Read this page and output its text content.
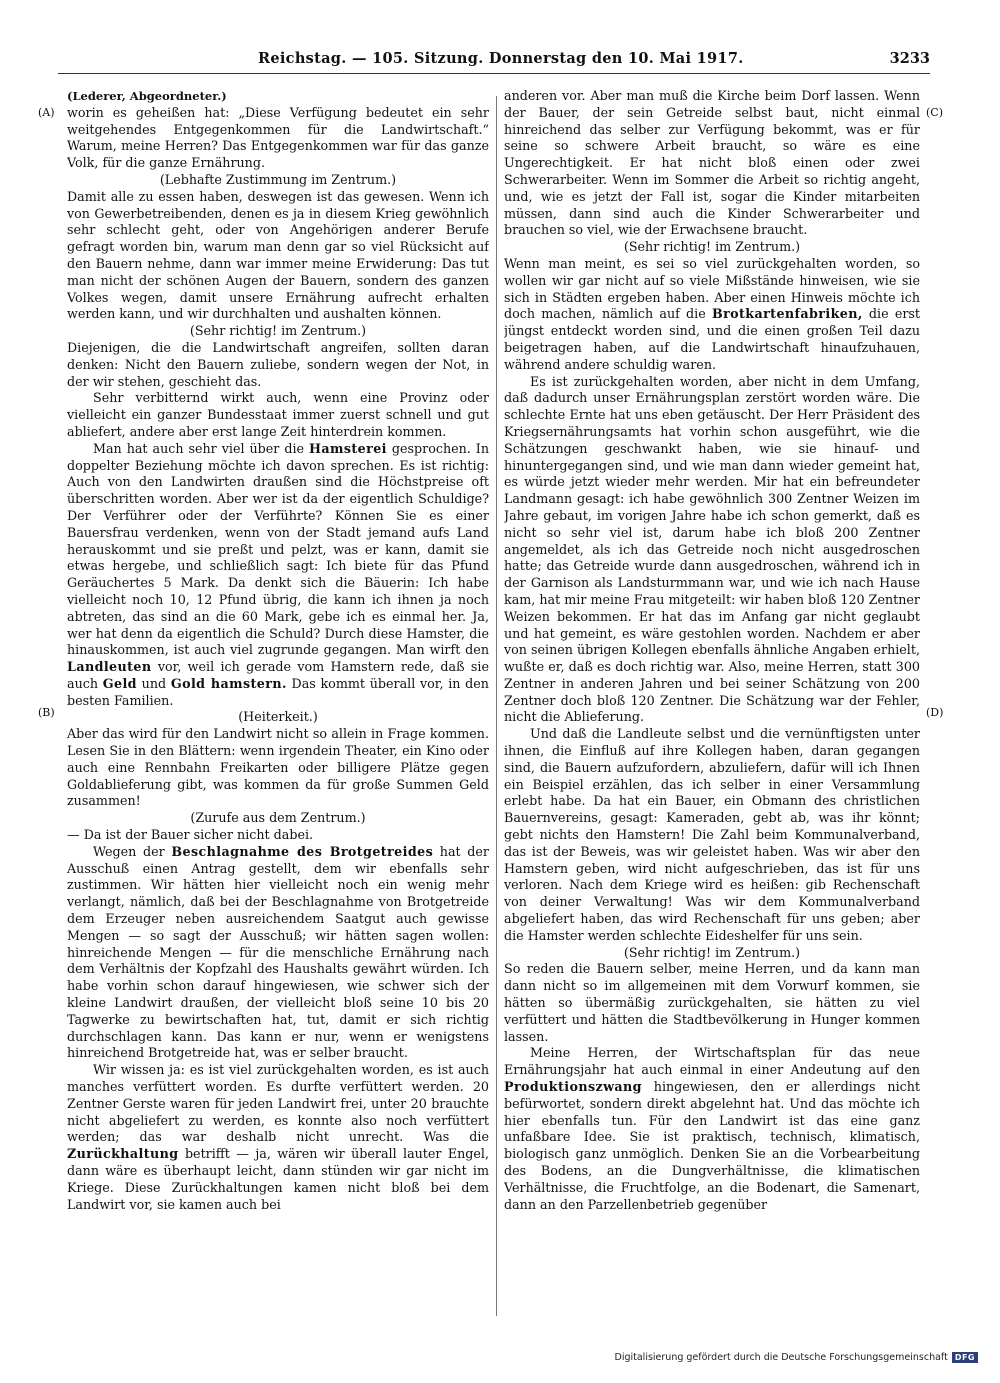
Reichstag. — 105. Sitzung. Donnerstag den 10. Mai 1917.	3233
(A)
(B)
(C)
(D)

(Lederer, Abgeordneter.)

worin es geheißen hat: „Diese Verfügung bedeutet ein sehr weitgehendes Entgegenkommen für die Landwirtschaft.“ Warum, meine Herren? Das Entgegenkommen war für das ganze Volk, für die ganze Ernährung.

(Lebhafte Zustimmung im Zentrum.)

Damit alle zu essen haben, deswegen ist das gewesen. Wenn ich von Gewerbetreibenden, denen es ja in diesem Krieg gewöhnlich sehr schlecht geht, oder von Angehörigen anderer Berufe gefragt worden bin, warum man denn gar so viel Rücksicht auf den Bauern nehme, dann war immer meine Erwiderung: Das tut man nicht der schönen Augen der Bauern, sondern des ganzen Volkes wegen, damit unsere Ernährung aufrecht erhalten werden kann, und wir durchhalten und aushalten können.

(Sehr richtig! im Zentrum.)

Diejenigen, die die Landwirtschaft angreifen, sollten daran denken: Nicht den Bauern zuliebe, sondern wegen der Not, in der wir stehen, geschieht das.

Sehr verbitternd wirkt auch, wenn eine Provinz oder vielleicht ein ganzer Bundesstaat immer zuerst schnell und gut abliefert, andere aber erst lange Zeit hinterdrein kommen.

Man hat auch sehr viel über die Hamsterei gesprochen. In doppelter Beziehung möchte ich davon sprechen. Es ist richtig: Auch von den Landwirten draußen sind die Höchstpreise oft überschritten worden. Aber wer ist da der eigentlich Schuldige? Der Verführer oder der Verführte? Können Sie es einer Bauersfrau verdenken, wenn von der Stadt jemand aufs Land herauskommt und sie preßt und pelzt, was er kann, damit sie etwas hergebe, und schließlich sagt: Ich biete für das Pfund Geräuchertes 5 Mark. Da denkt sich die Bäuerin: Ich habe vielleicht noch 10, 12 Pfund übrig, die kann ich ihnen ja noch abtreten, das sind an die 60 Mark, gebe ich es einmal her. Ja, wer hat denn da eigentlich die Schuld? Durch diese Hamster, die hinauskommen, ist auch viel zugrunde gegangen. Man wirft den Landleuten vor, weil ich gerade vom Hamstern rede, daß sie auch Geld und Gold hamstern. Das kommt überall vor, in den besten Familien.

(Heiterkeit.)

Aber das wird für den Landwirt nicht so allein in Frage kommen. Lesen Sie in den Blättern: wenn irgendein Theater, ein Kino oder auch eine Rennbahn Freikarten oder billigere Plätze gegen Goldablieferung gibt, was kommen da für große Summen Geld zusammen!

(Zurufe aus dem Zentrum.)

— Da ist der Bauer sicher nicht dabei.

Wegen der Beschlagnahme des Brotgetreides hat der Ausschuß einen Antrag gestellt, dem wir ebenfalls sehr zustimmen. Wir hätten hier vielleicht noch ein wenig mehr verlangt, nämlich, daß bei der Beschlagnahme von Brotgetreide dem Erzeuger neben ausreichendem Saatgut auch gewisse Mengen — so sagt der Ausschuß; wir hätten sagen wollen: hinreichende Mengen — für die menschliche Ernährung nach dem Verhältnis der Kopfzahl des Haushalts gewährt würden. Ich habe vorhin schon darauf hingewiesen, wie schwer sich der kleine Landwirt draußen, der vielleicht bloß seine 10 bis 20 Tagwerke zu bewirtschaften hat, tut, damit er sich richtig durchschlagen kann. Das kann er nur, wenn er wenigstens hinreichend Brotgetreide hat, was er selber braucht.

Wir wissen ja: es ist viel zurückgehalten worden, es ist auch manches verfüttert worden. Es durfte verfüttert werden. 20 Zentner Gerste waren für jeden Landwirt frei, unter 20 brauchte nicht abgeliefert zu werden, es konnte also noch verfüttert werden; das war deshalb nicht unrecht. Was die Zurückhaltung betrifft — ja, wären wir überall lauter Engel, dann wäre es überhaupt leicht, dann stünden wir gar nicht im Kriege. Diese Zurückhaltungen kamen nicht bloß bei dem Landwirt vor, sie kamen auch bei

anderen vor. Aber man muß die Kirche beim Dorf lassen. Wenn der Bauer, der sein Getreide selbst baut, nicht einmal hinreichend das selber zur Verfügung bekommt, was er für seine so schwere Arbeit braucht, so wäre es eine Ungerechtigkeit. Er hat nicht bloß einen oder zwei Schwerarbeiter. Wenn im Sommer die Arbeit so richtig angeht, und, wie es jetzt der Fall ist, sogar die Kinder mitarbeiten müssen, dann sind auch die Kinder Schwerarbeiter und brauchen so viel, wie der Erwachsene braucht.

(Sehr richtig! im Zentrum.)

Wenn man meint, es sei so viel zurückgehalten worden, so wollen wir gar nicht auf so viele Mißstände hinweisen, wie sie sich in Städten ergeben haben. Aber einen Hinweis möchte ich doch machen, nämlich auf die Brotkartenfabriken, die erst jüngst entdeckt worden sind, und die einen großen Teil dazu beigetragen haben, auf die Landwirtschaft hinaufzuhauen, während andere schuldig waren.

Es ist zurückgehalten worden, aber nicht in dem Umfang, daß dadurch unser Ernährungsplan zerstört worden wäre. Die schlechte Ernte hat uns eben getäuscht. Der Herr Präsident des Kriegsernährungsamts hat vorhin schon ausgeführt, wie die Schätzungen geschwankt haben, wie sie hinauf- und hinuntergegangen sind, und wie man dann wieder gemeint hat, es würde jetzt wieder mehr werden. Mir hat ein befreundeter Landmann gesagt: ich habe gewöhnlich 300 Zentner Weizen im Jahre gebaut, im vorigen Jahre habe ich schon gemerkt, daß es nicht so sehr viel ist, darum habe ich bloß 200 Zentner angemeldet, als ich das Getreide noch nicht ausgedroschen hatte; das Getreide wurde dann ausgedroschen, während ich in der Garnison als Landsturmmann war, und wie ich nach Hause kam, hat mir meine Frau mitgeteilt: wir haben bloß 120 Zentner Weizen bekommen. Er hat das im Anfang gar nicht geglaubt und hat gemeint, es wäre gestohlen worden. Nachdem er aber von seinen übrigen Kollegen ebenfalls ähnliche Angaben erhielt, wußte er, daß es doch richtig war. Also, meine Herren, statt 300 Zentner in anderen Jahren und bei seiner Schätzung von 200 Zentner doch bloß 120 Zentner. Die Schätzung war der Fehler, nicht die Ablieferung.

Und daß die Landleute selbst und die vernünftigsten unter ihnen, die Einfluß auf ihre Kollegen haben, daran gegangen sind, die Bauern aufzufordern, abzuliefern, dafür will ich Ihnen ein Beispiel erzählen, das ich selber in einer Versammlung erlebt habe. Da hat ein Bauer, ein Obmann des christlichen Bauernvereins, gesagt: Kameraden, gebt ab, was ihr könnt; gebt nichts den Hamstern! Die Zahl beim Kommunalverband, das ist der Beweis, was wir geleistet haben. Was wir aber den Hamstern geben, wird nicht aufgeschrieben, das ist für uns verloren. Nach dem Kriege wird es heißen: gib Rechenschaft von deiner Verwaltung! Was wir dem Kommunalverband abgeliefert haben, das wird Rechenschaft für uns geben; aber die Hamster werden schlechte Eideshelfer für uns sein.

(Sehr richtig! im Zentrum.)

So reden die Bauern selber, meine Herren, und da kann man dann nicht so im allgemeinen mit dem Vorwurf kommen, sie hätten so übermäßig zurückgehalten, sie hätten zu viel verfüttert und hätten die Stadtbevölkerung in Hunger kommen lassen.

Meine Herren, der Wirtschaftsplan für das neue Ernährungsjahr hat auch einmal in einer Andeutung auf den Produktionszwang hingewiesen, den er allerdings nicht befürwortet, sondern direkt abgelehnt hat. Und das möchte ich hier ebenfalls tun. Für den Landwirt ist das eine ganz unfaßbare Idee. Sie ist praktisch, technisch, klimatisch, biologisch ganz unmöglich. Denken Sie an die Vorbearbeitung des Bodens, an die Dungverhältnisse, die klimatischen Verhältnisse, die Fruchtfolge, an die Bodenart, die Samenart, dann an den Parzellenbetrieb gegenüber

Digitalisierung gefördert durch die Deutsche Forschungsgemeinschaft DFG
